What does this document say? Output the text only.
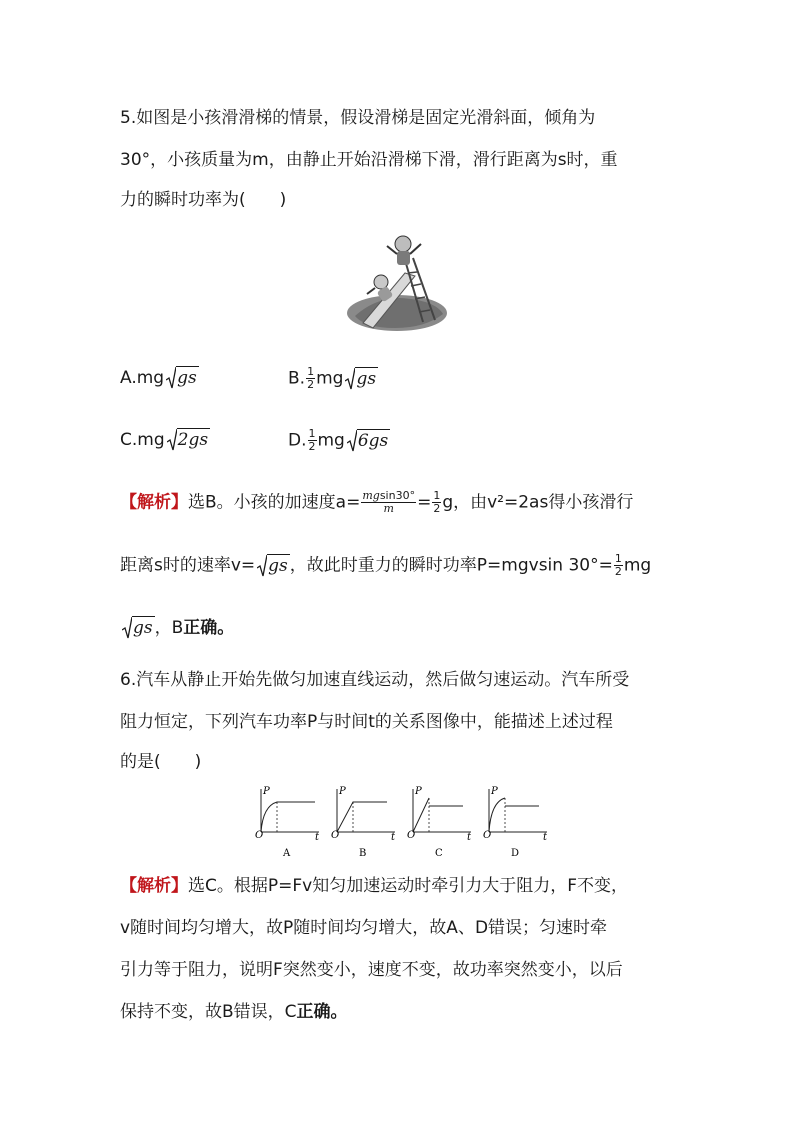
5.如图是小孩滑滑梯的情景，假设滑梯是固定光滑斜面，倾角为
30°，小孩质量为m，由静止开始沿滑梯下滑，滑行距离为s时，重
力的瞬时功率为(　　)
A.mg gs	B. $\frac{1}{2}$ mg gs
C.mg 2gs	D. $\frac{1}{2}$ mg 6gs
【解析】选B。小孩的加速度$a= \frac{mgsin30^\circ}{m} = \frac{1}{2}$ g，由v²=2as得小孩滑行
距离s时的速率v= gs ，故此时重力的瞬时功率P=mgvsin $30^\circ= \frac{1}{2}$ mg
gs ，B正确。
6.汽车从静止开始先做匀加速直线运动，然后做匀速运动。汽车所受
阻力恒定，下列汽车功率P与时间t的关系图像中，能描述上述过程
的是(　　)
O
P
t O
P
t O
P
t O
P
t
A	B	C	D
【解析】选C。根据P=Fv知匀加速运动时牵引力大于阻力，F不变，
v随时间均匀增大，故P随时间均匀增大，故A、D错误；匀速时牵
引力等于阻力，说明F突然变小，速度不变，故功率突然变小，以后
保持不变，故B错误，C正确。
